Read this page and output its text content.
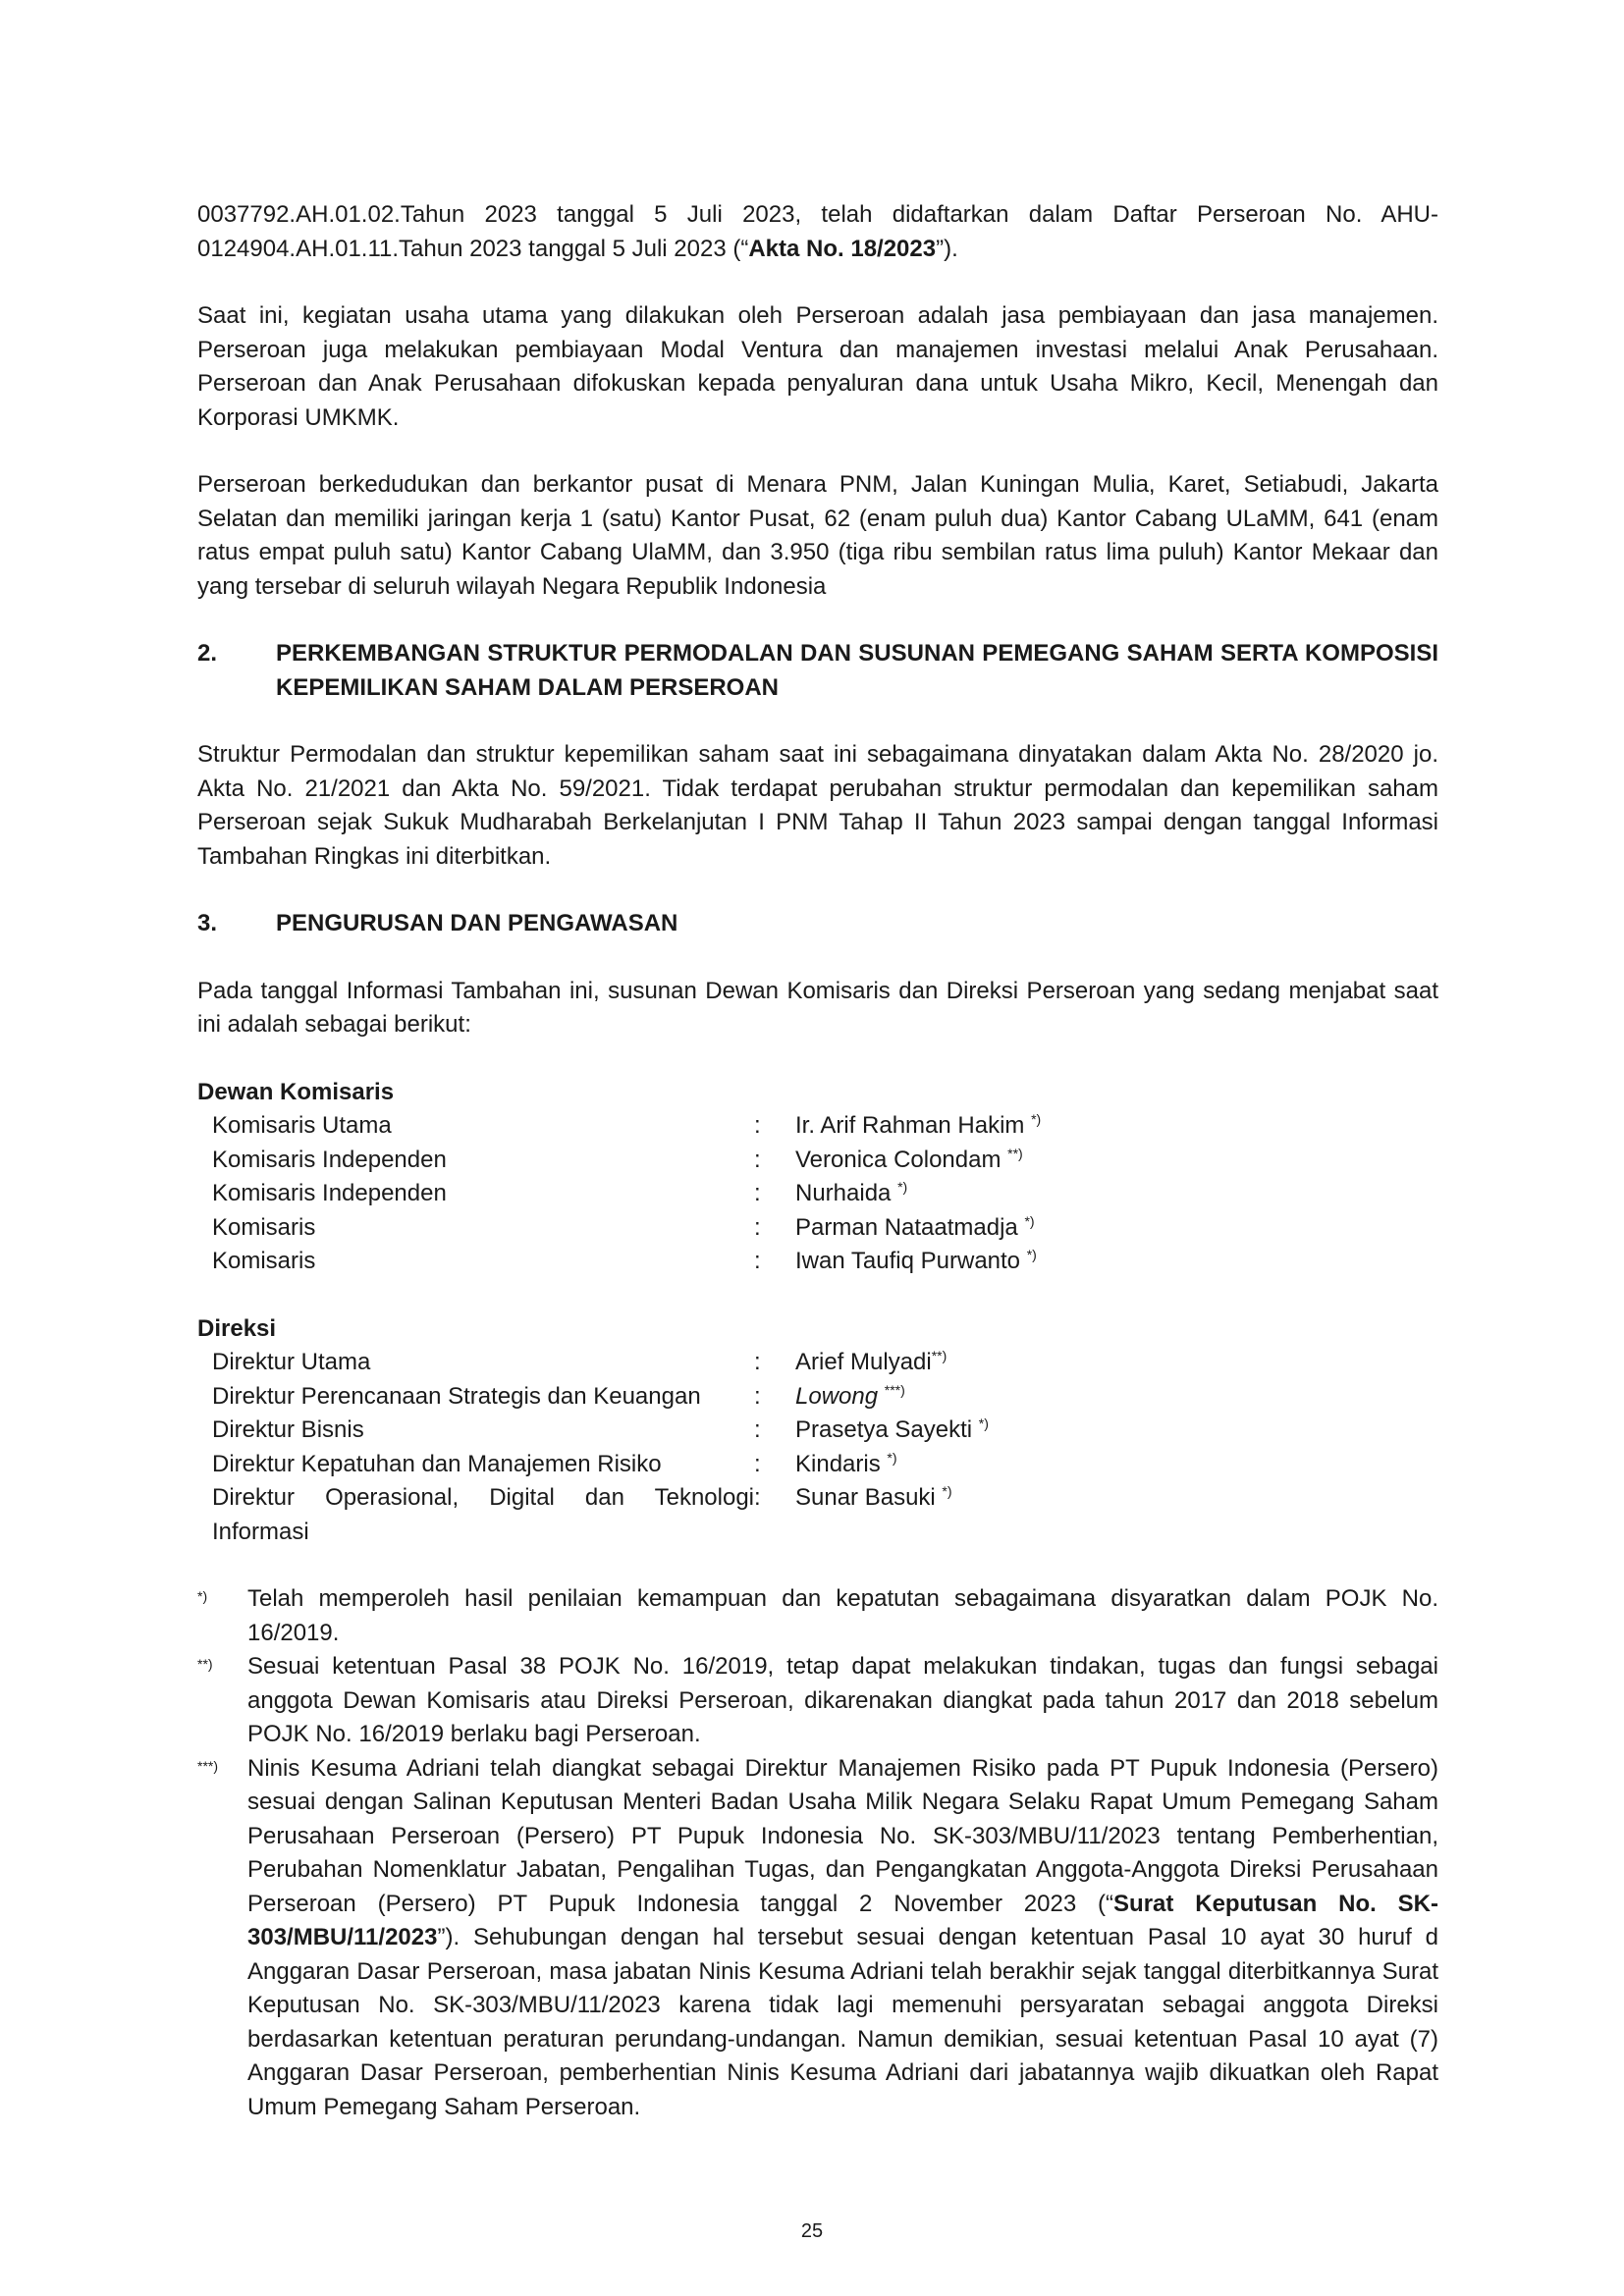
0037792.AH.01.02.Tahun 2023 tanggal 5 Juli 2023, telah didaftarkan dalam Daftar Perseroan No. AHU-0124904.AH.01.11.Tahun 2023 tanggal 5 Juli 2023 (“Akta No. 18/2023”).

Saat ini, kegiatan usaha utama yang dilakukan oleh Perseroan adalah jasa pembiayaan dan jasa manajemen. Perseroan juga melakukan pembiayaan Modal Ventura dan manajemen investasi melalui Anak Perusahaan. Perseroan dan Anak Perusahaan difokuskan kepada penyaluran dana untuk Usaha Mikro, Kecil, Menengah dan Korporasi UMKMK.

Perseroan berkedudukan dan berkantor pusat di Menara PNM, Jalan Kuningan Mulia, Karet, Setiabudi, Jakarta Selatan dan memiliki jaringan kerja 1 (satu) Kantor Pusat, 62 (enam puluh dua) Kantor Cabang ULaMM, 641 (enam ratus empat puluh satu) Kantor Cabang UlaMM, dan 3.950 (tiga ribu sembilan ratus lima puluh) Kantor Mekaar dan yang tersebar di seluruh wilayah Negara Republik Indonesia

2.	PERKEMBANGAN STRUKTUR PERMODALAN DAN SUSUNAN PEMEGANG SAHAM SERTA KOMPOSISI KEPEMILIKAN SAHAM DALAM PERSEROAN

Struktur Permodalan dan struktur kepemilikan saham saat ini sebagaimana dinyatakan dalam Akta No. 28/2020 jo. Akta No. 21/2021 dan Akta No. 59/2021. Tidak terdapat perubahan struktur permodalan dan kepemilikan saham Perseroan sejak Sukuk Mudharabah Berkelanjutan I PNM Tahap II Tahun 2023 sampai dengan tanggal Informasi Tambahan Ringkas ini diterbitkan.

3.	PENGURUSAN DAN PENGAWASAN

Pada tanggal Informasi Tambahan ini, susunan Dewan Komisaris dan Direksi Perseroan yang sedang menjabat saat ini adalah sebagai berikut:

Dewan Komisaris
Komisaris Utama	:	Ir. Arif Rahman Hakim *)
Komisaris Independen	:	Veronica Colondam **)
Komisaris Independen	:	Nurhaida *)
Komisaris	:	Parman Nataatmadja *)
Komisaris	:	Iwan Taufiq Purwanto *)
Direksi
Direktur Utama	:	Arief Mulyadi**)
Direktur Perencanaan Strategis dan Keuangan	:	Lowong ***)
Direktur Bisnis	:	Prasetya Sayekti *)
Direktur Kepatuhan dan Manajemen Risiko	:	Kindaris *)
Direktur Operasional, Digital dan Teknologi Informasi
:	Sunar Basuki *)
*)	Telah memperoleh hasil penilaian kemampuan dan kepatutan sebagaimana disyaratkan dalam POJK No. 16/2019.

**)	Sesuai ketentuan Pasal 38 POJK No. 16/2019, tetap dapat melakukan tindakan, tugas dan fungsi sebagai anggota Dewan Komisaris atau Direksi Perseroan, dikarenakan diangkat pada tahun 2017 dan 2018 sebelum POJK No. 16/2019 berlaku bagi Perseroan.

***)	Ninis Kesuma Adriani telah diangkat sebagai Direktur Manajemen Risiko pada PT Pupuk Indonesia (Persero) sesuai dengan Salinan Keputusan Menteri Badan Usaha Milik Negara Selaku Rapat Umum Pemegang Saham Perusahaan Perseroan (Persero) PT Pupuk Indonesia No. SK-303/MBU/11/2023 tentang Pemberhentian, Perubahan Nomenklatur Jabatan, Pengalihan Tugas, dan Pengangkatan Anggota-Anggota Direksi Perusahaan Perseroan (Persero) PT Pupuk Indonesia tanggal 2 November 2023 (“Surat Keputusan No. SK-303/MBU/11/2023”). Sehubungan dengan hal tersebut sesuai dengan ketentuan Pasal 10 ayat 30 huruf d Anggaran Dasar Perseroan, masa jabatan Ninis Kesuma Adriani telah berakhir sejak tanggal diterbitkannya Surat Keputusan No. SK-303/MBU/11/2023 karena tidak lagi memenuhi persyaratan sebagai anggota Direksi berdasarkan ketentuan peraturan perundang-undangan. Namun demikian, sesuai ketentuan Pasal 10 ayat (7) Anggaran Dasar Perseroan, pemberhentian Ninis Kesuma Adriani dari jabatannya wajib dikuatkan oleh Rapat Umum Pemegang Saham Perseroan.

25
